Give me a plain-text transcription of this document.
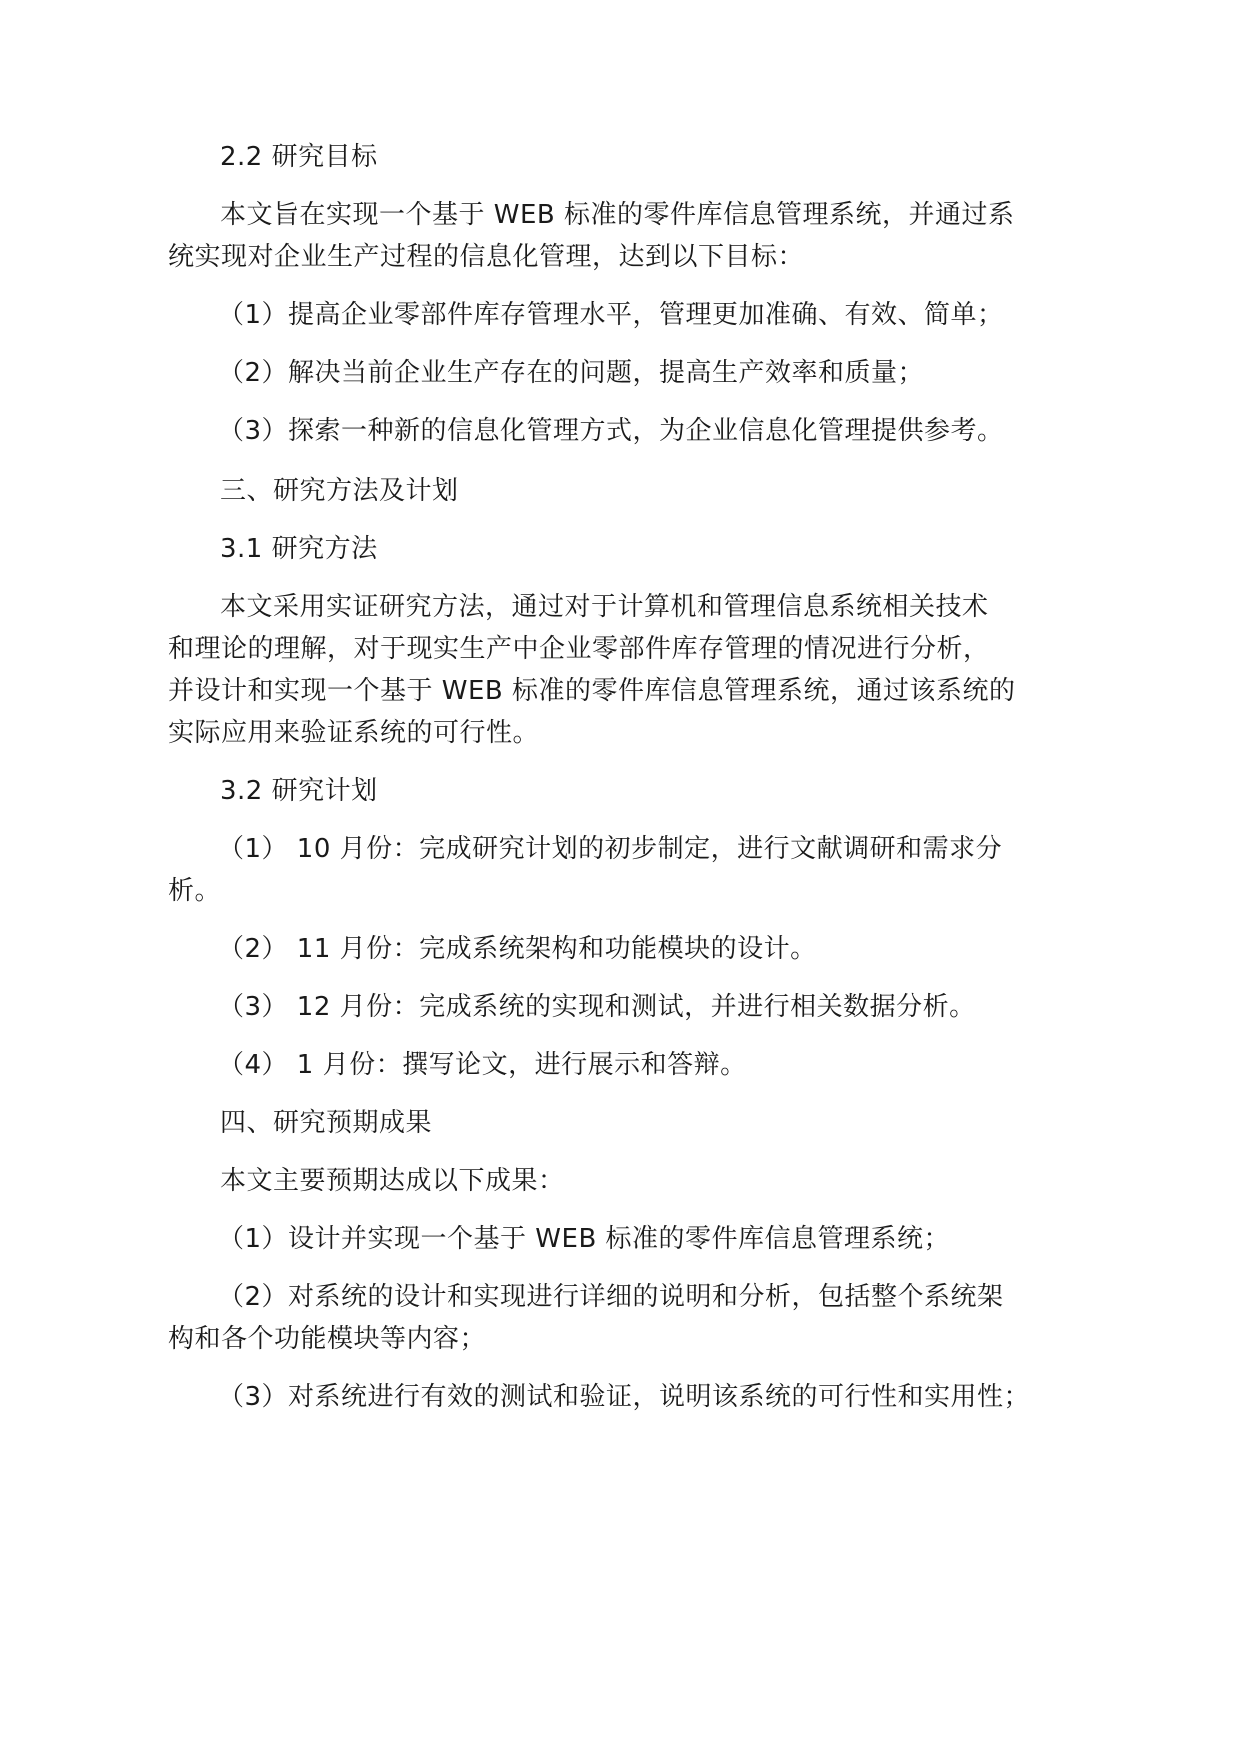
2.2 研究目标
本文旨在实现一个基于 WEB 标准的零件库信息管理系统，并通过系
统实现对企业生产过程的信息化管理，达到以下目标：
（1）提高企业零部件库存管理水平，管理更加准确、有效、简单；
（2）解决当前企业生产存在的问题，提高生产效率和质量；
（3）探索一种新的信息化管理方式，为企业信息化管理提供参考。
三、研究方法及计划
3.1 研究方法
本文采用实证研究方法，通过对于计算机和管理信息系统相关技术
和理论的理解，对于现实生产中企业零部件库存管理的情况进行分析，
并设计和实现一个基于 WEB 标准的零件库信息管理系统，通过该系统的
实际应用来验证系统的可行性。
3.2 研究计划
（1） 10 月份：完成研究计划的初步制定，进行文献调研和需求分
析。
（2） 11 月份：完成系统架构和功能模块的设计。
（3） 12 月份：完成系统的实现和测试，并进行相关数据分析。
（4） 1 月份：撰写论文，进行展示和答辩。
四、研究预期成果
本文主要预期达成以下成果：
（1）设计并实现一个基于 WEB 标准的零件库信息管理系统；
（2）对系统的设计和实现进行详细的说明和分析，包括整个系统架
构和各个功能模块等内容；
（3）对系统进行有效的测试和验证，说明该系统的可行性和实用性；
